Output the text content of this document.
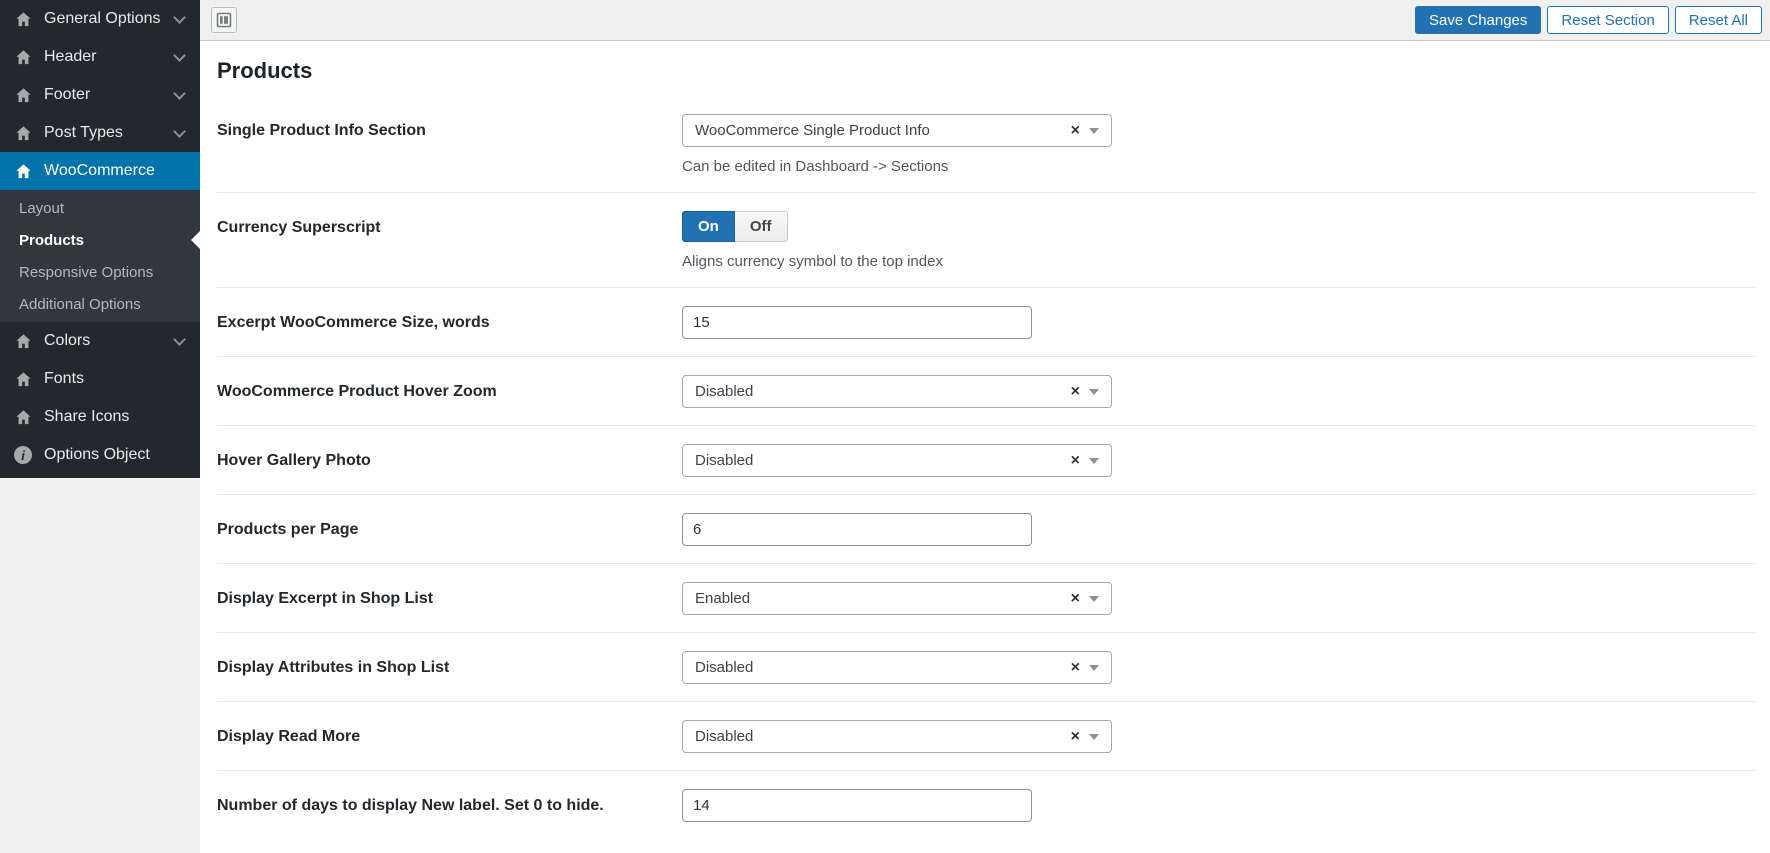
General Options
Header
Footer
Post Types
WooCommerce
Layout
Products
Responsive Options
Additional Options
Colors
Fonts
Share Icons
i	Options Object
Save Changes	Reset Section	Reset All
Products
Single Product Info Section	WooCommerce Single Product Info	×
Can be edited in Dashboard -> Sections
Currency Superscript	On	Off
Aligns currency symbol to the top index
Excerpt WooCommerce Size, words
15
WooCommerce Product Hover Zoom	Disabled	×
Hover Gallery Photo	Disabled	×
Products per Page
6
Display Excerpt in Shop List	Enabled	×
Display Attributes in Shop List	Disabled	×
Display Read More	Disabled	×
Number of days to display New label. Set 0 to hide.
14
